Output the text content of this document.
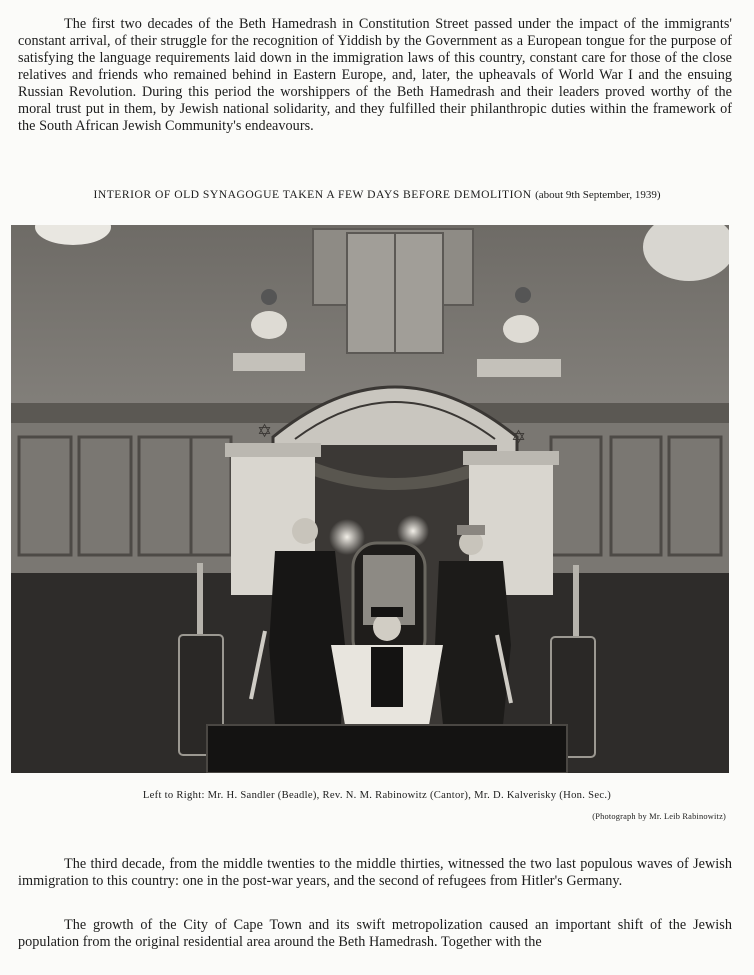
The first two decades of the Beth Hamedrash in Constitution Street passed under the impact of the immigrants' constant arrival, of their struggle for the recognition of Yiddish by the Government as a European tongue for the purpose of satisfying the language requirements laid down in the immigration laws of this country, constant care for those of the close relatives and friends who remained behind in Eastern Europe, and, later, the upheavals of World War I and the ensuing Russian Revolution. During this period the worshippers of the Beth Hamedrash and their leaders proved worthy of the moral trust put in them, by Jewish national solidarity, and they fulfilled their philanthropic duties within the framework of the South African Jewish Community's endeavours.

INTERIOR OF OLD SYNAGOGUE TAKEN A FEW DAYS BEFORE DEMOLITION (about 9th September, 1939)
✡	✡
Left to Right: Mr. H. Sandler (Beadle), Rev. N. M. Rabinowitz (Cantor), Mr. D. Kalverisky (Hon. Sec.)
(Photograph by Mr. Leib Rabinowitz)

The third decade, from the middle twenties to the middle thirties, witnessed the two last populous waves of Jewish immigration to this country: one in the post-war years, and the second of refugees from Hitler's Germany.

The growth of the City of Cape Town and its swift metropolization caused an important shift of the Jewish population from the original residential area around the Beth Hamedrash. Together with the
